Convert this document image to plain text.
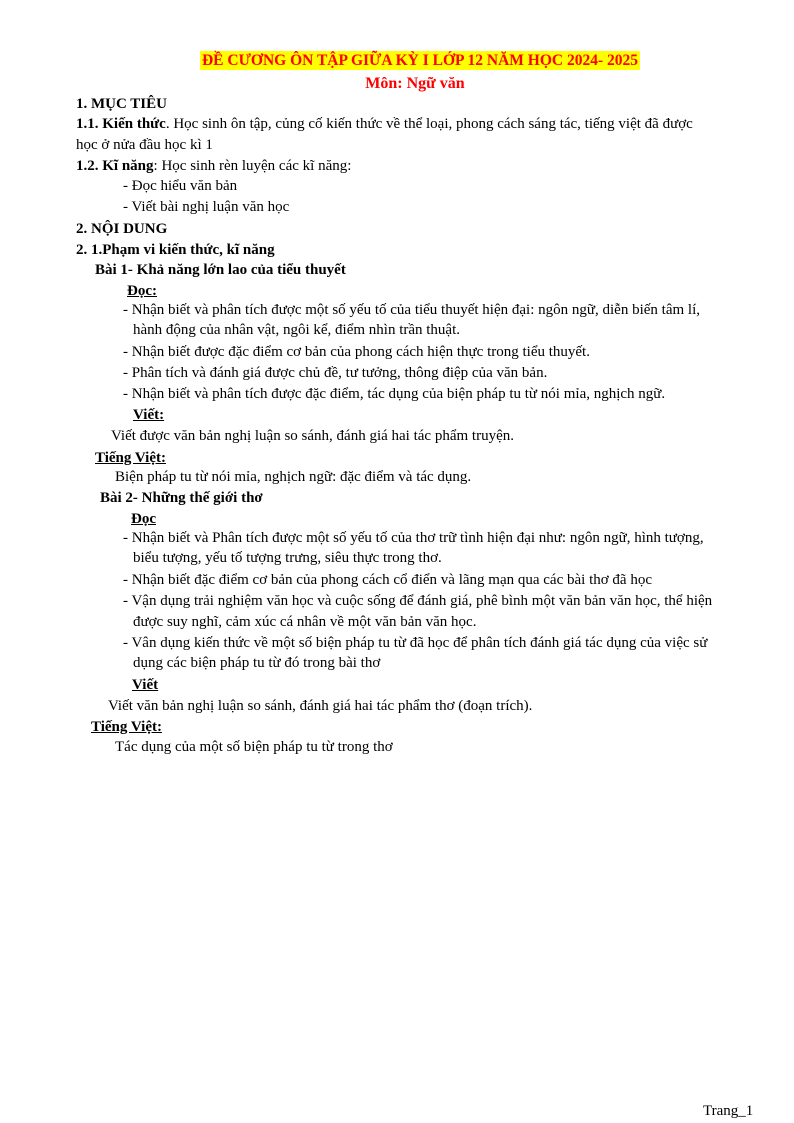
ĐỀ CƯƠNG ÔN TẬP GIỮA KỲ I LỚP 12 NĂM HỌC 2024- 2025
Môn: Ngữ văn
1. MỤC TIÊU
1.1. Kiến thức. Học sinh ôn tập, củng cố kiến thức về thể loại, phong cách sáng tác, tiếng việt đã được
học ở nửa đầu học kì 1
1.2. Kĩ năng: Học sinh rèn luyện các kĩ năng:
- Đọc hiểu văn bản
- Viết bài nghị luận văn học
2. NỘI DUNG
2. 1.Phạm vi kiến thức, kĩ năng
Bài 1- Khả năng lớn lao của tiểu thuyết
Đọc:
- Nhận biết và phân tích được một số yếu tố của tiểu thuyết hiện đại: ngôn ngữ, diễn biến tâm lí,
hành động của nhân vật, ngôi kể, điểm nhìn trần thuật.
- Nhận biết được đặc điểm cơ bản của phong cách hiện thực trong tiểu thuyết.
- Phân tích và đánh giá được chủ đề, tư tưởng, thông điệp của văn bản.
- Nhận biết và phân tích được đặc điểm, tác dụng của biện pháp tu từ nói mỉa, nghịch ngữ.
Viết:
Viết được văn bản nghị luận so sánh, đánh giá hai tác phẩm truyện.
Tiếng Việt:
Biện pháp tu từ nói mỉa, nghịch ngữ: đặc điểm và tác dụng.
Bài 2- Những thế giới thơ
Đọc
- Nhận biết và Phân tích được một số yếu tố của thơ trữ tình hiện đại như: ngôn ngữ, hình tượng,
biểu tượng, yếu tố tượng trưng, siêu thực trong thơ.
- Nhận biết đặc điểm cơ bản của phong cách cổ điển và lãng mạn qua các bài thơ đã học
- Vận dụng trải nghiệm văn học và cuộc sống để đánh giá, phê bình một văn bản văn học, thể hiện
được suy nghĩ, cảm xúc cá nhân về một văn bản văn học.
- Vân dụng kiến thức về một số biện pháp tu từ đã học để phân tích đánh giá tác dụng của việc sử
dụng các biện pháp tu từ đó trong bài thơ
Viết
Viết văn bản nghị luận so sánh, đánh giá hai tác phẩm thơ (đoạn trích).
Tiếng Việt:
Tác dụng của một số biện pháp tu từ trong thơ
Trang_1
